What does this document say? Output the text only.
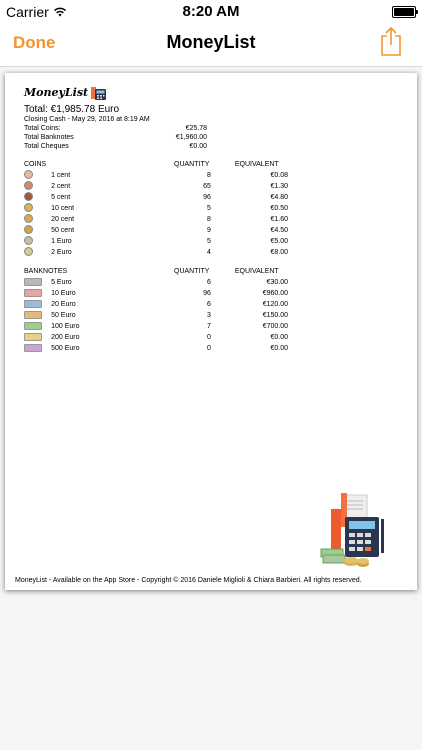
Carrier	8:20 AM
Done	MoneyList
MoneyList
Total: €1,985.78 Euro
Closing Cash - May 29, 2016 at 8:19 AM
Total Coins:	€25.78
Total Banknotes	€1,960.00
Total Cheques	€0.00
COINS		QUANTITY	EQUIVALENT
	1 cent	8	€0.08
	2 cent	65	€1.30
	5 cent	96	€4.80
	10 cent	5	€0.50
	20 cent	8	€1.60
	50 cent	9	€4.50
	1 Euro	5	€5.00
	2 Euro	4	€8.00
BANKNOTES		QUANTITY	EQUIVALENT
	5 Euro	6	€30.00
	10 Euro	96	€960.00
	20 Euro	6	€120.00
	50 Euro	3	€150.00
	100 Euro	7	€700.00
	200 Euro	0	€0.00
	500 Euro	0	€0.00
MoneyList - Available on the App Store - Copyright © 2016 Daniele Miglioli & Chiara Barbieri. All rights reserved.
